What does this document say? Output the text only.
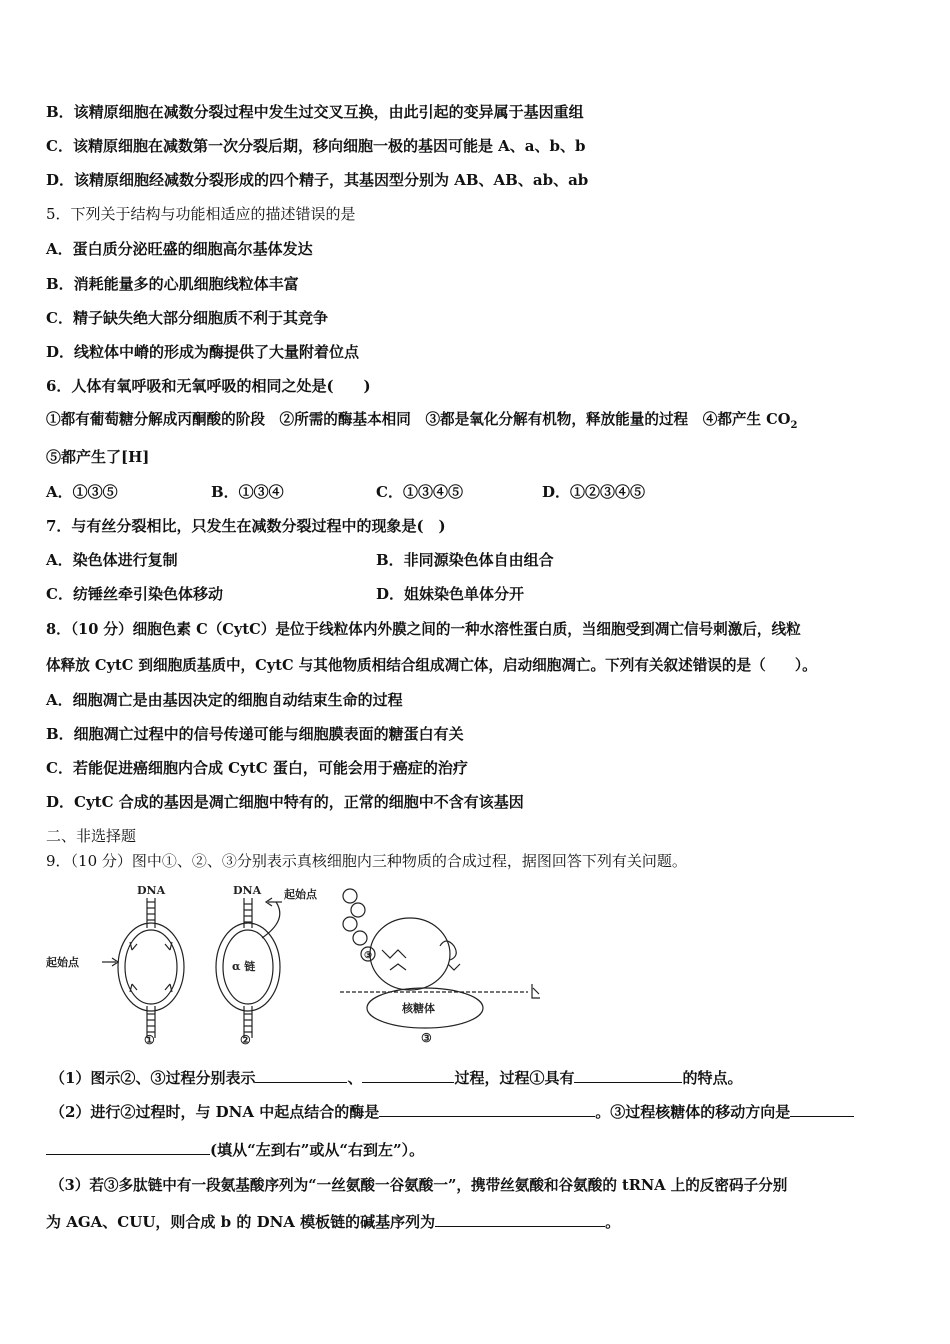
B．该精原细胞在减数分裂过程中发生过交叉互换，由此引起的变异属于基因重组
C．该精原细胞在减数第一次分裂后期，移向细胞一极的基因可能是 A、a、b、b
D．该精原细胞经减数分裂形成的四个精子，其基因型分别为 AB、AB、ab、ab
5．下列关于结构与功能相适应的描述错误的是
A．蛋白质分泌旺盛的细胞高尔基体发达
B．消耗能量多的心肌细胞线粒体丰富
C．精子缺失绝大部分细胞质不利于其竞争
D．线粒体中嵴的形成为酶提供了大量附着位点
6．人体有氧呼吸和无氧呼吸的相同之处是(　　)
①都有葡萄糖分解成丙酮酸的阶段　②所需的酶基本相同　③都是氧化分解有机物，释放能量的过程　④都产生 $CO_2$
⑤都产生了[H]
A．①③⑤	B．①③④	C．①③④⑤	D．①②③④⑤
7．与有丝分裂相比，只发生在减数分裂过程中的现象是(　)
A．染色体进行复制	B．非同源染色体自由组合
C．纺锤丝牵引染色体移动	D．姐妹染色单体分开
8．（10 分）细胞色素 C（CytC）是位于线粒体内外膜之间的一种水溶性蛋白质，当细胞受到凋亡信号刺激后，线粒
体释放 CytC 到细胞质基质中，CytC 与其他物质相结合组成凋亡体，启动细胞凋亡。下列有关叙述错误的是（　　）。
A．细胞凋亡是由基因决定的细胞自动结束生命的过程
B．细胞凋亡过程中的信号传递可能与细胞膜表面的糖蛋白有关
C．若能促进癌细胞内合成 CytC 蛋白，可能会用于癌症的治疗
D．CytC 合成的基因是凋亡细胞中特有的，正常的细胞中不含有该基因
二、非选择题
9．（10 分）图中①、②、③分别表示真核细胞内三种物质的合成过程，据图回答下列有关问题。
DNA
起始点
①
DNA 起始点
α 链
②
③
核糖体
③
（1）图示②、③过程分别表示	、	过程，过程①具有	的特点。
（2）进行②过程时，与 DNA 中起点结合的酶是	。③过程核糖体的移动方向是
(填从“左到右”或从“右到左”）。
（3）若③多肽链中有一段氨基酸序列为“一丝氨酸一谷氨酸一”，携带丝氨酸和谷氨酸的 tRNA 上的反密码子分别
为 AGA、CUU，则合成 b 的 DNA 模板链的碱基序列为	。
